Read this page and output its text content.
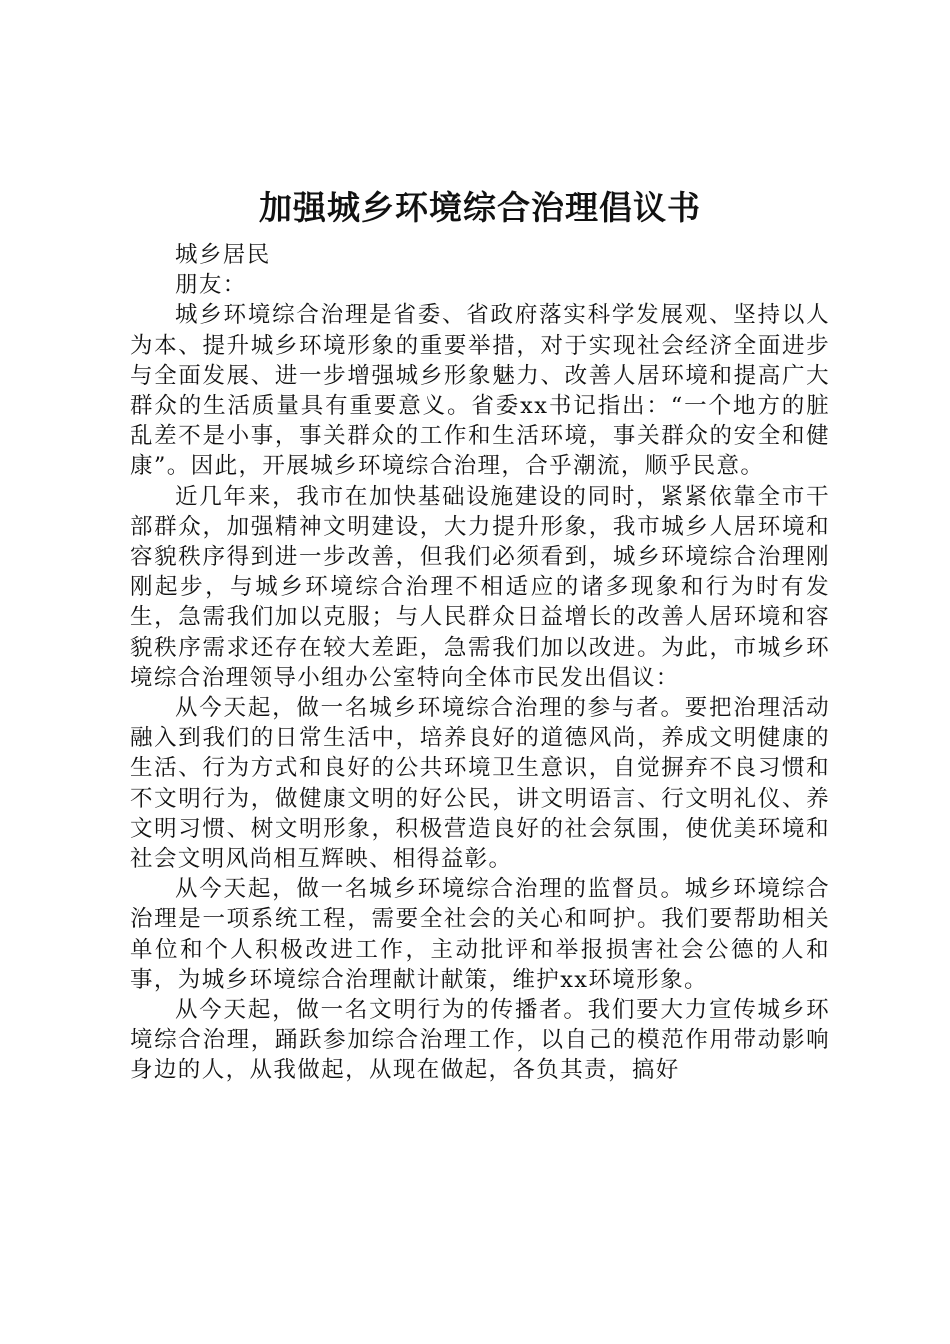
加强城乡环境综合治理倡议书

城乡居民

朋友：

城乡环境综合治理是省委、省政府落实科学发展观、坚持以人为本、提升城乡环境形象的重要举措，对于实现社会经济全面进步与全面发展、进一步增强城乡形象魅力、改善人居环境和提高广大群众的生活质量具有重要意义。省委xx书记指出：“一个地方的脏乱差不是小事，事关群众的工作和生活环境，事关群众的安全和健康”。因此，开展城乡环境综合治理，合乎潮流，顺乎民意。

近几年来，我市在加快基础设施建设的同时，紧紧依靠全市干部群众，加强精神文明建设，大力提升形象，我市城乡人居环境和容貌秩序得到进一步改善，但我们必须看到，城乡环境综合治理刚刚起步，与城乡环境综合治理不相适应的诸多现象和行为时有发生，急需我们加以克服；与人民群众日益增长的改善人居环境和容貌秩序需求还存在较大差距，急需我们加以改进。为此，市城乡环境综合治理领导小组办公室特向全体市民发出倡议：

从今天起，做一名城乡环境综合治理的参与者。要把治理活动融入到我们的日常生活中，培养良好的道德风尚，养成文明健康的生活、行为方式和良好的公共环境卫生意识，自觉摒弃不良习惯和不文明行为，做健康文明的好公民，讲文明语言、行文明礼仪、养文明习惯、树文明形象，积极营造良好的社会氛围，使优美环境和社会文明风尚相互辉映、相得益彰。

从今天起，做一名城乡环境综合治理的监督员。城乡环境综合治理是一项系统工程，需要全社会的关心和呵护。我们要帮助相关单位和个人积极改进工作，主动批评和举报损害社会公德的人和事，为城乡环境综合治理献计献策，维护xx环境形象。

从今天起，做一名文明行为的传播者。我们要大力宣传城乡环境综合治理，踊跃参加综合治理工作，以自己的模范作用带动影响身边的人，从我做起，从现在做起，各负其责，搞好
